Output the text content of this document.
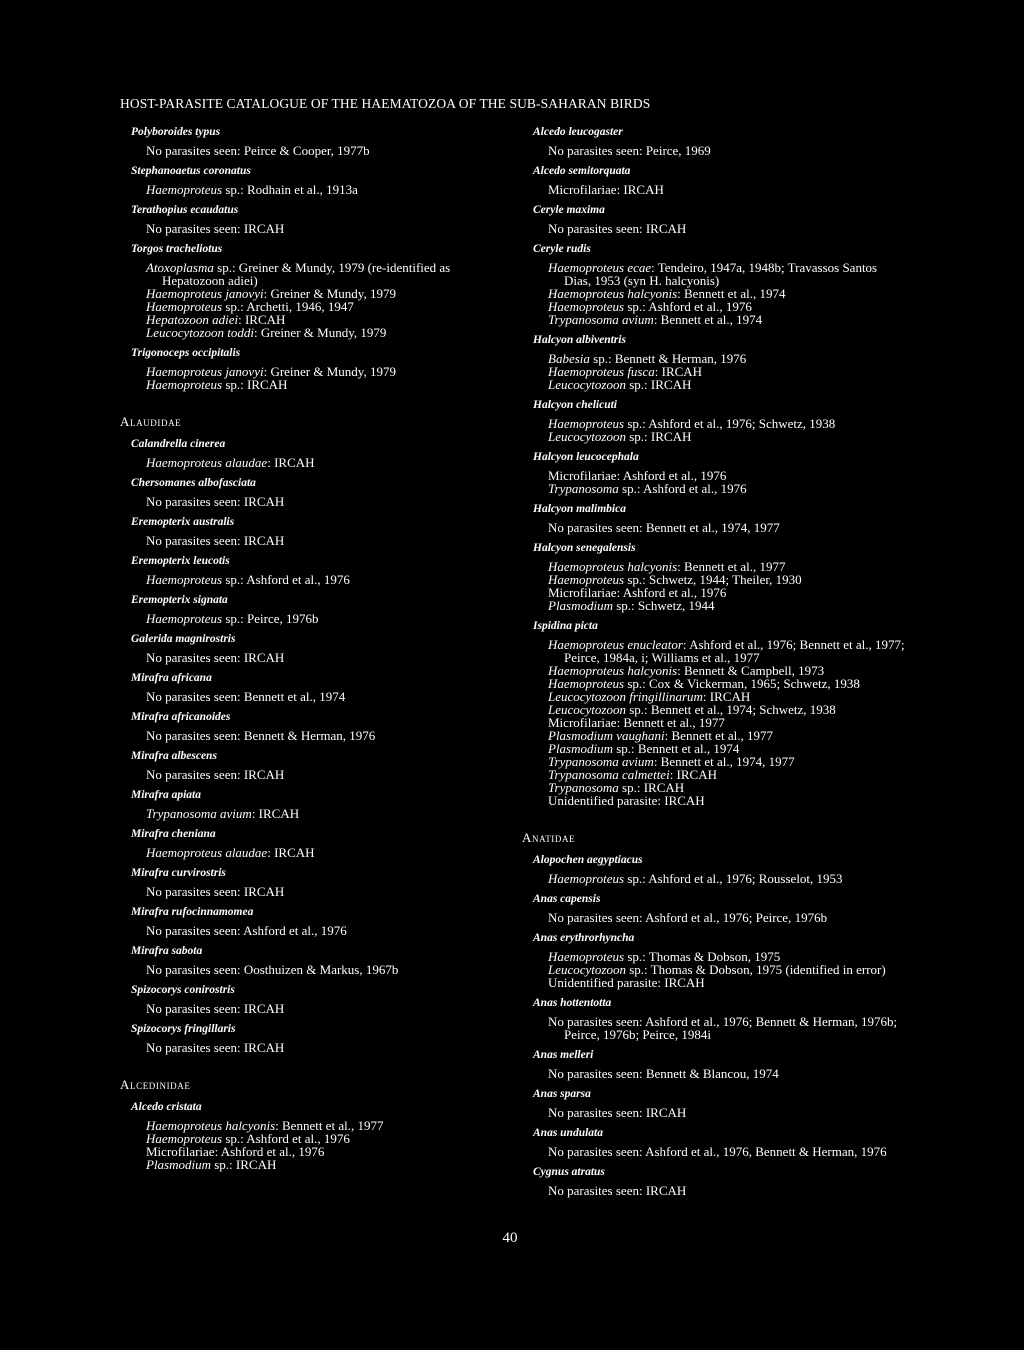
HOST-PARASITE CATALOGUE OF THE HAEMATOZOA OF THE SUB-SAHARAN BIRDS
Polyboroides typus
No parasites seen: Peirce & Cooper, 1977b
Stephanoaetus coronatus
Haemoproteus sp.: Rodhain et al., 1913a
Terathopius ecaudatus
No parasites seen: IRCAH
Torgos tracheliotus
Atoxoplasma sp.: Greiner & Mundy, 1979 (re-identified as Hepatozoon adiei)
Haemoproteus janovyi: Greiner & Mundy, 1979
Haemoproteus sp.: Archetti, 1946, 1947
Hepatozoon adiei: IRCAH
Leucocytozoon toddi: Greiner & Mundy, 1979
Trigonoceps occipitalis
Haemoproteus janovyi: Greiner & Mundy, 1979
Haemoproteus sp.: IRCAH
Alaudidae
Calandrella cinerea
Haemoproteus alaudae: IRCAH
Chersomanes albofasciata
No parasites seen: IRCAH
Eremopterix australis
No parasites seen: IRCAH
Eremopterix leucotis
Haemoproteus sp.: Ashford et al., 1976
Eremopterix signata
Haemoproteus sp.: Peirce, 1976b
Galerida magnirostris
No parasites seen: IRCAH
Mirafra africana
No parasites seen: Bennett et al., 1974
Mirafra africanoides
No parasites seen: Bennett & Herman, 1976
Mirafra albescens
No parasites seen: IRCAH
Mirafra apiata
Trypanosoma avium: IRCAH
Mirafra cheniana
Haemoproteus alaudae: IRCAH
Mirafra curvirostris
No parasites seen: IRCAH
Mirafra rufocinnamomea
No parasites seen: Ashford et al., 1976
Mirafra sabota
No parasites seen: Oosthuizen & Markus, 1967b
Spizocorys conirostris
No parasites seen: IRCAH
Spizocorys fringillaris
No parasites seen: IRCAH
Alcedinidae
Alcedo cristata
Haemoproteus halcyonis: Bennett et al., 1977
Haemoproteus sp.: Ashford et al., 1976
Microfilariae: Ashford et al., 1976
Plasmodium sp.: IRCAH
Alcedo leucogaster
No parasites seen: Peirce, 1969
Alcedo semitorquata
Microfilariae: IRCAH
Ceryle maxima
No parasites seen: IRCAH
Ceryle rudis
Haemoproteus ecae: Tendeiro, 1947a, 1948b; Travassos Santos Dias, 1953 (syn H. halcyonis)
Haemoproteus halcyonis: Bennett et al., 1974
Haemoproteus sp.: Ashford et al., 1976
Trypanosoma avium: Bennett et al., 1974
Halcyon albiventris
Babesia sp.: Bennett & Herman, 1976
Haemoproteus fusca: IRCAH
Leucocytozoon sp.: IRCAH
Halcyon chelicuti
Haemoproteus sp.: Ashford et al., 1976; Schwetz, 1938
Leucocytozoon sp.: IRCAH
Halcyon leucocephala
Microfilariae: Ashford et al., 1976
Trypanosoma sp.: Ashford et al., 1976
Halcyon malimbica
No parasites seen: Bennett et al., 1974, 1977
Halcyon senegalensis
Haemoproteus halcyonis: Bennett et al., 1977
Haemoproteus sp.: Schwetz, 1944; Theiler, 1930
Microfilariae: Ashford et al., 1976
Plasmodium sp.: Schwetz, 1944
Ispidina picta
Haemoproteus enucleator: Ashford et al., 1976; Bennett et al., 1977; Peirce, 1984a, i; Williams et al., 1977
Haemoproteus halcyonis: Bennett & Campbell, 1973
Haemoproteus sp.: Cox & Vickerman, 1965; Schwetz, 1938
Leucocytozoon fringillinarum: IRCAH
Leucocytozoon sp.: Bennett et al., 1974; Schwetz, 1938
Microfilariae: Bennett et al., 1977
Plasmodium vaughani: Bennett et al., 1977
Plasmodium sp.: Bennett et al., 1974
Trypanosoma avium: Bennett et al., 1974, 1977
Trypanosoma calmettei: IRCAH
Trypanosoma sp.: IRCAH
Unidentified parasite: IRCAH
Anatidae
Alopochen aegyptiacus
Haemoproteus sp.: Ashford et al., 1976; Rousselot, 1953
Anas capensis
No parasites seen: Ashford et al., 1976; Peirce, 1976b
Anas erythrorhyncha
Haemoproteus sp.: Thomas & Dobson, 1975
Leucocytozoon sp.: Thomas & Dobson, 1975 (identified in error)
Unidentified parasite: IRCAH
Anas hottentotta
No parasites seen: Ashford et al., 1976; Bennett & Herman, 1976b; Peirce, 1976b; Peirce, 1984i
Anas melleri
No parasites seen: Bennett & Blancou, 1974
Anas sparsa
No parasites seen: IRCAH
Anas undulata
No parasites seen: Ashford et al., 1976, Bennett & Herman, 1976
Cygnus atratus
No parasites seen: IRCAH
40
